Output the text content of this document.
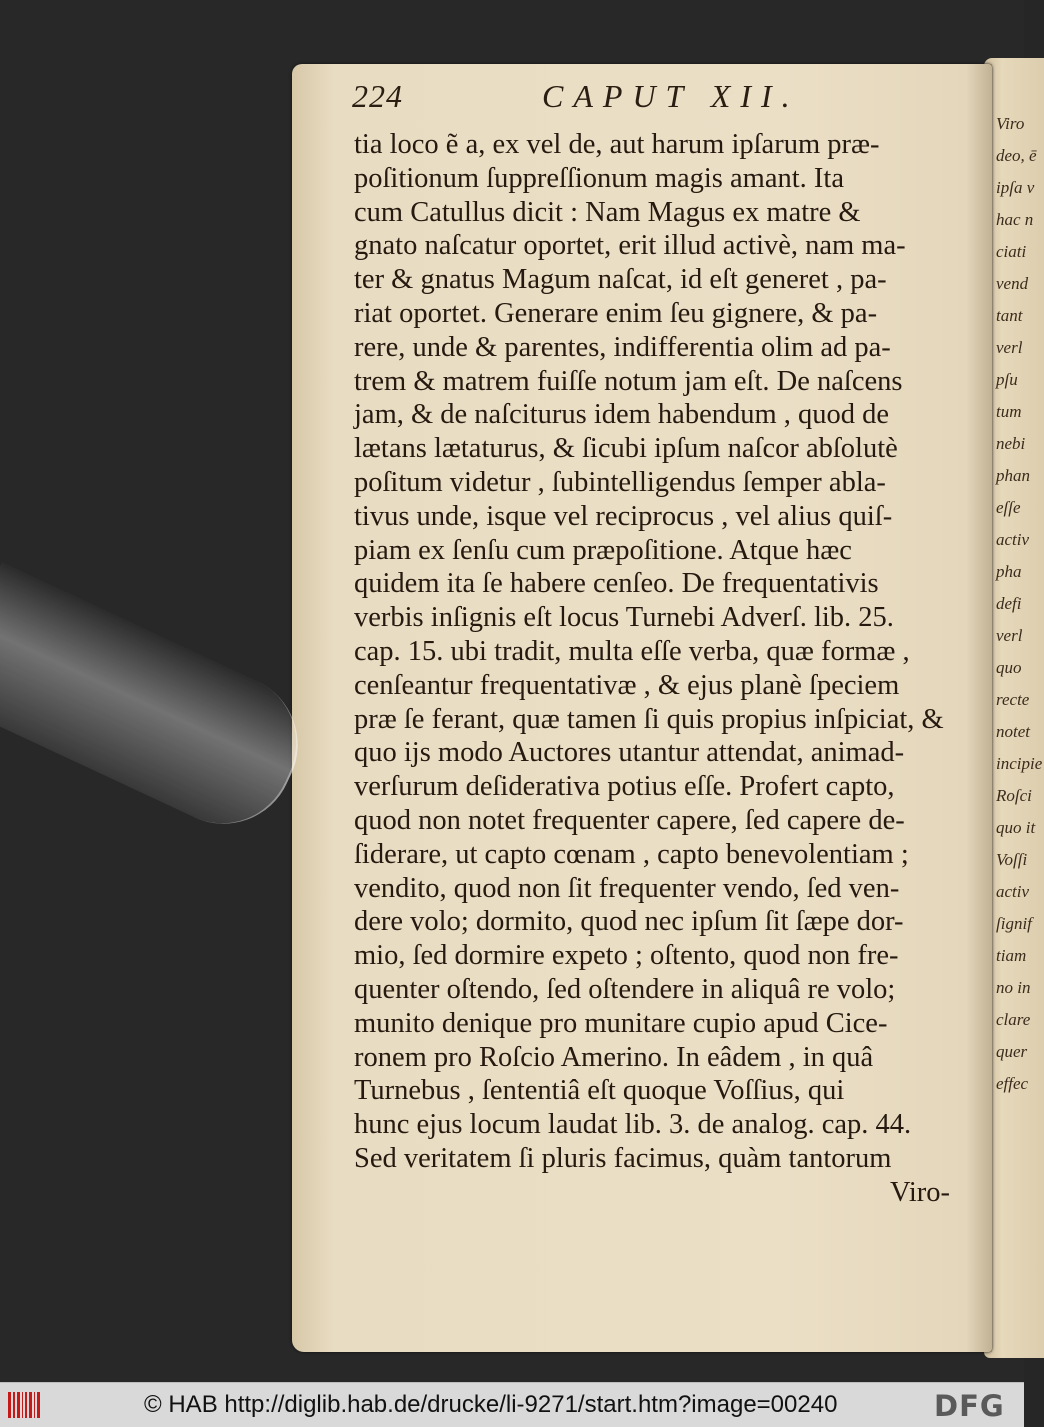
Viro
deo, ē
ipſa v
hac n
ciati
vend
tant
verl
pſu
tum
nebi
phan
eſſe
activ
pha
defi
verl
quo
recte
notet
incipie
Roſci
quo it
Voſſi
activ
ſignif
tiam
no in
clare
quer
effec
224	CAPUT XII.
tia loco ẽ a, ex vel de, aut harum ipſarum præ-
poſitionum ſuppreſſionum magis amant. Ita
cum Catullus dicit : Nam Magus ex matre &
gnato naſcatur oportet, erit illud activè, nam ma-
ter & gnatus Magum naſcat, id eſt generet , pa-
riat oportet. Generare enim ſeu gignere, & pa-
rere, unde & parentes, indifferentia olim ad pa-
trem & matrem fuiſſe notum jam eſt. De naſcens
jam, & de naſciturus idem habendum , quod de
lætans lætaturus, & ſicubi ipſum naſcor abſolutè
poſitum videtur , ſubintelligendus ſemper abla-
tivus unde, isque vel reciprocus , vel alius quiſ-
piam ex ſenſu cum præpoſitione. Atque hæc
quidem ita ſe habere cenſeo. De frequentativis
verbis inſignis eſt locus Turnebi Adverſ. lib. 25.
cap. 15. ubi tradit, multa eſſe verba, quæ formæ ,
cenſeantur frequentativæ , & ejus planè ſpeciem
præ ſe ferant, quæ tamen ſi quis propius inſpiciat, &
quo ijs modo Auctores utantur attendat, animad-
verſurum deſiderativa potius eſſe. Profert capto,
quod non notet frequenter capere, ſed capere de-
ſiderare, ut capto cœnam , capto benevolentiam ;
vendito, quod non ſit frequenter vendo, ſed ven-
dere volo; dormito, quod nec ipſum ſit ſæpe dor-
mio, ſed dormire expeto ; oſtento, quod non fre-
quenter oſtendo, ſed oſtendere in aliquâ re volo;
munito denique pro munitare cupio apud Cice-
ronem pro Roſcio Amerino. In eâdem , in quâ
Turnebus , ſententiâ eſt quoque Voſſius, qui
hunc ejus locum laudat lib. 3. de analog. cap. 44.
Sed veritatem ſi pluris facimus, quàm tantorum
Viro-
© HAB http://diglib.hab.de/drucke/li-9271/start.htm?image=00240	DFG
